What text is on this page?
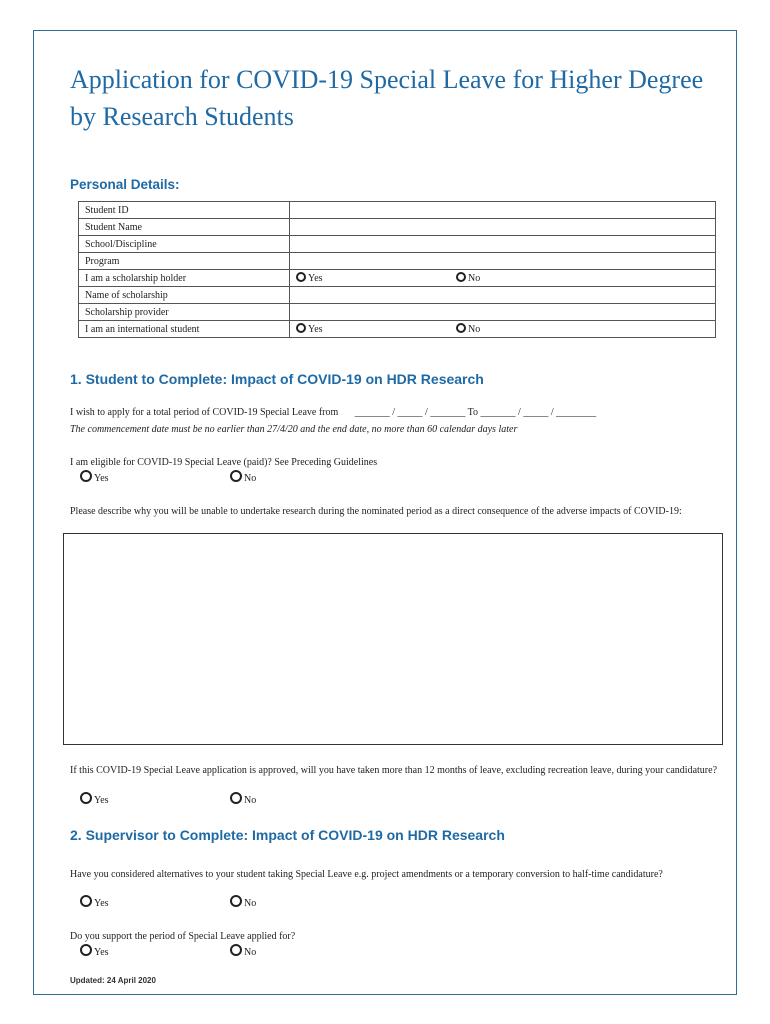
Application for COVID-19 Special Leave for Higher Degree by Research Students
Personal Details:
Student ID	
Student Name	
School/Discipline	
Program	
I am a scholarship holder	Yes No

Name of scholarship	
Scholarship provider	
I am an international student	Yes No
1. Student to Complete: Impact of COVID-19 on HDR Research

I wish to apply for a total period of COVID-19 Special Leave from _______ / _____ / _______ To _______ / _____ / ________

The commencement date must be no earlier than 27/4/20 and the end date, no more than 60 calendar days later

I am eligible for COVID-19 Special Leave (paid)? See Preceding Guidelines

Yes	No

Please describe why you will be unable to undertake research during the nominated period as a direct consequence of the adverse impacts of COVID-19:

If this COVID-19 Special Leave application is approved, will you have taken more than 12 months of leave, excluding recreation leave, during your candidature?

Yes	No
2. Supervisor to Complete: Impact of COVID-19 on HDR Research

Have you considered alternatives to your student taking Special Leave e.g. project amendments or a temporary conversion to half-time candidature?

Yes	No

Do you support the period of Special Leave applied for?

Yes	No
Updated: 24 April 2020
